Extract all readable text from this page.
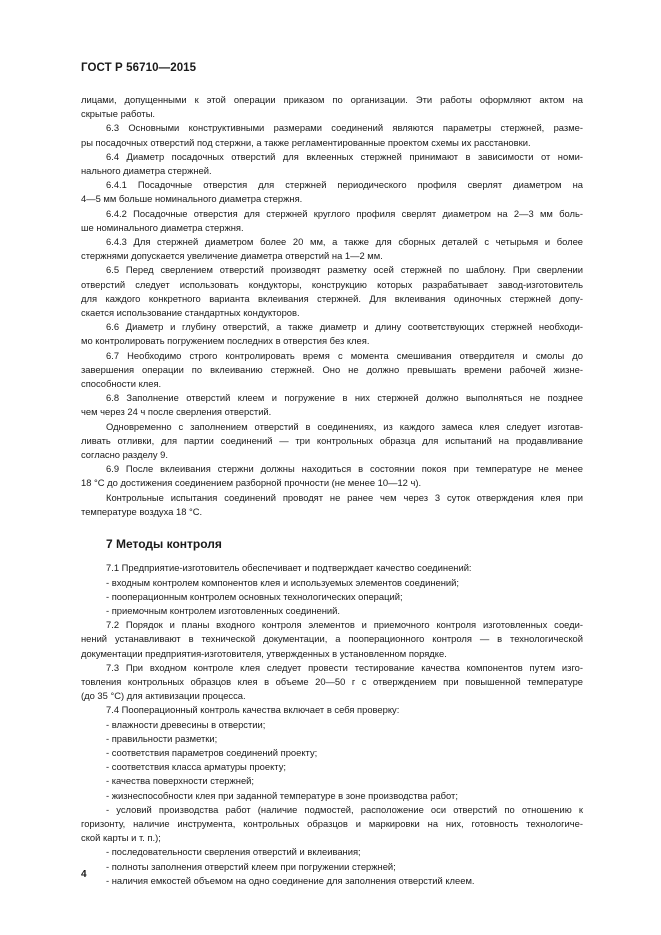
ГОСТ Р 56710—2015

лицами, допущенными к этой операции приказом по организации. Эти работы оформляют актом на

скрытые работы.

6.3 Основными конструктивными размерами соединений являются параметры стержней, разме-

ры посадочных отверстий под стержни, а также регламентированные проектом схемы их расстановки.

6.4 Диаметр посадочных отверстий для вклеенных стержней принимают в зависимости от номи-

нального диаметра стержней.

6.4.1 Посадочные отверстия для стержней периодического профиля сверлят диаметром на

4—5 мм больше номинального диаметра стержня.

6.4.2 Посадочные отверстия для стержней круглого профиля сверлят диаметром на 2—3 мм боль-

ше номинального диаметра стержня.

6.4.3 Для стержней диаметром более 20 мм, а также для сборных деталей с четырьмя и более

стержнями допускается увеличение диаметра отверстий на 1—2 мм.

6.5 Перед сверлением отверстий производят разметку осей стержней по шаблону. При сверлении

отверстий следует использовать кондукторы, конструкцию которых разрабатывает завод-изготовитель

для каждого конкретного варианта вклеивания стержней. Для вклеивания одиночных стержней допу-

скается использование стандартных кондукторов.

6.6 Диаметр и глубину отверстий, а также диаметр и длину соответствующих стержней необходи-

мо контролировать погружением последних в отверстия без клея.

6.7 Необходимо строго контролировать время с момента смешивания отвердителя и смолы до

завершения операции по вклеиванию стержней. Оно не должно превышать времени рабочей жизне-

способности клея.

6.8 Заполнение отверстий клеем и погружение в них стержней должно выполняться не позднее

чем через 24 ч после сверления отверстий.

Одновременно с заполнением отверстий в соединениях, из каждого замеса клея следует изготав-

ливать отливки, для партии соединений — три контрольных образца для испытаний на продавливание

согласно разделу 9.

6.9 После вклеивания стержни должны находиться в состоянии покоя при температуре не менее

18 °С до достижения соединением разборной прочности (не менее 10—12 ч).

Контрольные испытания соединений проводят не ранее чем через 3 суток отверждения клея при

температуре воздуха 18 °С.

7 Методы контроля

7.1 Предприятие-изготовитель обеспечивает и подтверждает качество соединений:

- входным контролем компонентов клея и используемых элементов соединений;

- пооперационным контролем основных технологических операций;

- приемочным контролем изготовленных соединений.

7.2 Порядок и планы входного контроля элементов и приемочного контроля изготовленных соеди-

нений устанавливают в технической документации, а пооперационного контроля — в технологической

документации предприятия-изготовителя, утвержденных в установленном порядке.

7.3 При входном контроле клея следует провести тестирование качества компонентов путем изго-

товления контрольных образцов клея в объеме 20—50 г с отверждением при повышенной температуре

(до 35 °С) для активизации процесса.

7.4 Пооперационный контроль качества включает в себя проверку:

- влажности древесины в отверстии;

- правильности разметки;

- соответствия параметров соединений проекту;

- соответствия класса арматуры проекту;

- качества поверхности стержней;

- жизнеспособности клея при заданной температуре в зоне производства работ;

- условий производства работ (наличие подмостей, расположение оси отверстий по отношению к

горизонту, наличие инструмента, контрольных образцов и маркировки на них, готовность технологиче-

ской карты и т. п.);

- последовательности сверления отверстий и вклеивания;

- полноты заполнения отверстий клеем при погружении стержней;

- наличия емкостей объемом на одно соединение для заполнения отверстий клеем.

4
